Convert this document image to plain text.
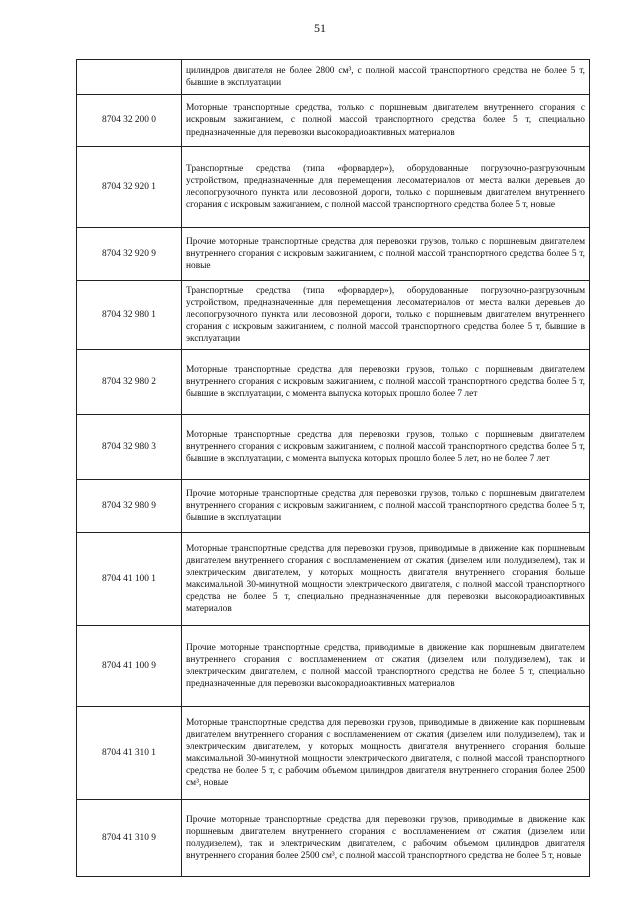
51
	цилиндров двигателя не более 2800 см³, с полной массой транспортного средства не более 5 т, бывшие в эксплуатации
8704 32 200 0	Моторные транспортные средства, только с поршневым двигателем внутреннего сгорания с искровым зажиганием, с полной массой транспортного средства более 5 т, специально предназначенные для перевозки высокорадиоактивных материалов
8704 32 920 1	Транспортные средства (типа «форвардер»), оборудованные погрузочно-разгрузочным устройством, предназначенные для перемещения лесоматериалов от места валки деревьев до лесопогрузочного пункта или лесовозной дороги, только с поршневым двигателем внутреннего сгорания с искровым зажиганием, с полной массой транспортного средства более 5 т, новые
8704 32 920 9	Прочие моторные транспортные средства для перевозки грузов, только с поршневым двигателем внутреннего сгорания с искровым зажиганием, с полной массой транспортного средства более 5 т, новые
8704 32 980 1	Транспортные средства (типа «форвардер»), оборудованные погрузочно-разгрузочным устройством, предназначенные для перемещения лесоматериалов от места валки деревьев до лесопогрузочного пункта или лесовозной дороги, только с поршневым двигателем внутреннего сгорания с искровым зажиганием, с полной массой транспортного средства более 5 т, бывшие в эксплуатации
8704 32 980 2	Моторные транспортные средства для перевозки грузов, только с поршневым двигателем внутреннего сгорания с искровым зажиганием, с полной массой транспортного средства более 5 т, бывшие в эксплуатации, с момента выпуска которых прошло более 7 лет
8704 32 980 3	Моторные транспортные средства для перевозки грузов, только с поршневым двигателем внутреннего сгорания с искровым зажиганием, с полной массой транспортного средства более 5 т, бывшие в эксплуатации, с момента выпуска которых прошло более 5 лет, но не более 7 лет
8704 32 980 9	Прочие моторные транспортные средства для перевозки грузов, только с поршневым двигателем внутреннего сгорания с искровым зажиганием, с полной массой транспортного средства более 5 т, бывшие в эксплуатации
8704 41 100 1	Моторные транспортные средства для перевозки грузов, приводимые в движение как поршневым двигателем внутреннего сгорания с воспламенением от сжатия (дизелем или полудизелем), так и электрическим двигателем, у которых мощность двигателя внутреннего сгорания больше максимальной 30-минутной мощности электрического двигателя, с полной массой транспортного средства не более 5 т, специально предназначенные для перевозки высокорадиоактивных материалов
8704 41 100 9	Прочие моторные транспортные средства, приводимые в движение как поршневым двигателем внутреннего сгорания с воспламенением от сжатия (дизелем или полудизелем), так и электрическим двигателем, с полной массой транспортного средства не более 5 т, специально предназначенные для перевозки высокорадиоактивных материалов
8704 41 310 1	Моторные транспортные средства для перевозки грузов, приводимые в движение как поршневым двигателем внутреннего сгорания с воспламенением от сжатия (дизелем или полудизелем), так и электрическим двигателем, у которых мощность двигателя внутреннего сгорания больше максимальной 30-минутной мощности электрического двигателя, с полной массой транспортного средства не более 5 т, с рабочим объемом цилиндров двигателя внутреннего сгорания более 2500 см³, новые
8704 41 310 9	Прочие моторные транспортные средства для перевозки грузов, приводимые в движение как поршневым двигателем внутреннего сгорания с воспламенением от сжатия (дизелем или полудизелем), так и электрическим двигателем, с рабочим объемом цилиндров двигателя внутреннего сгорания более 2500 см³, с полной массой транспортного средства не более 5 т, новые
